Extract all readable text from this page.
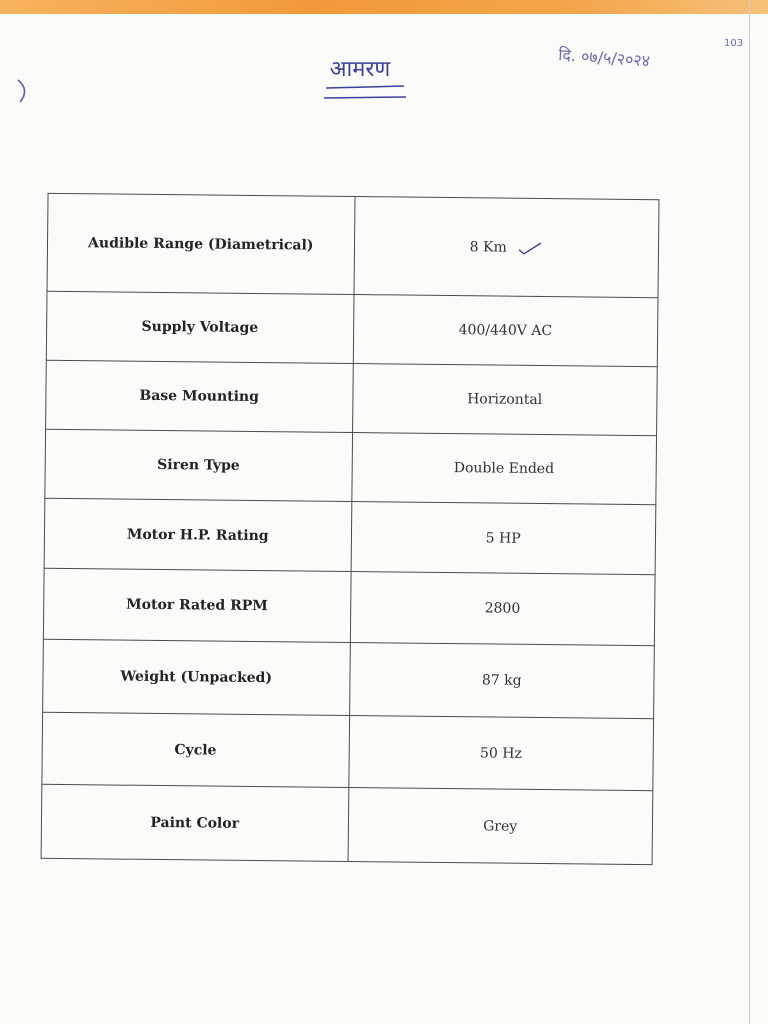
आमरण	दि. ०७/५/२०२४
103
Audible Range (Diametrical)	8 Km
Supply Voltage	400/440V AC
Base Mounting	Horizontal
Siren Type	Double Ended
Motor H.P. Rating	5 HP
Motor Rated RPM	2800
Weight (Unpacked)	87 kg
Cycle	50 Hz
Paint Color	Grey
